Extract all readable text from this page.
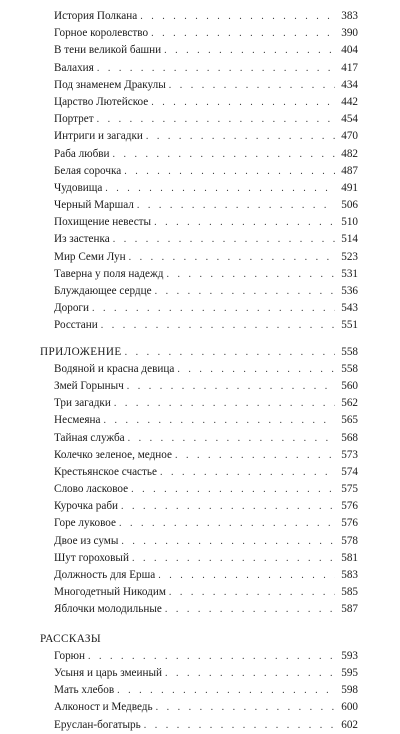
История Полкана . . .	383
Горное королевство . . .	390
В тени великой башни . . .	404
Валахия . . .	417
Под знаменем Дракулы . . .	434
Царство Лютейское . . .	442
Портрет . . .	454
Интриги и загадки . . .	470
Раба любви . . .	482
Белая сорочка . . .	487
Чудовища . . .	491
Черный Маршал . . .	506
Похищение невесты . . .	510
Из застенка . . .	514
Мир Семи Лун . . .	523
Таверна у поля надежд . . .	531
Блуждающее сердце . . .	536
Дороги . . .	543
Росстани . . .	551
ПРИЛОЖЕНИЕ . . .	558
Водяной и красна девица . . .	558
Змей Горыныч . . .	560
Три загадки . . .	562
Несмеяна . . .	565
Тайная служба . . .	568
Колечко зеленое, медное . . .	573
Крестьянское счастье . . .	574
Слово ласковое . . .	575
Курочка раби . . .	576
Горе луковое . . .	576
Двое из сумы . . .	578
Шут гороховый . . .	581
Должность для Ерша . . .	583
Многодетный Никодим . . .	585
Яблочки молодильные . . .	587
РАССКАЗЫ
Горюн . . .	593
Усыня и царь змеиный . . .	595
Мать хлебов . . .	598
Алконост и Медведь . . .	600
Еруслан-богатырь . . .	602
